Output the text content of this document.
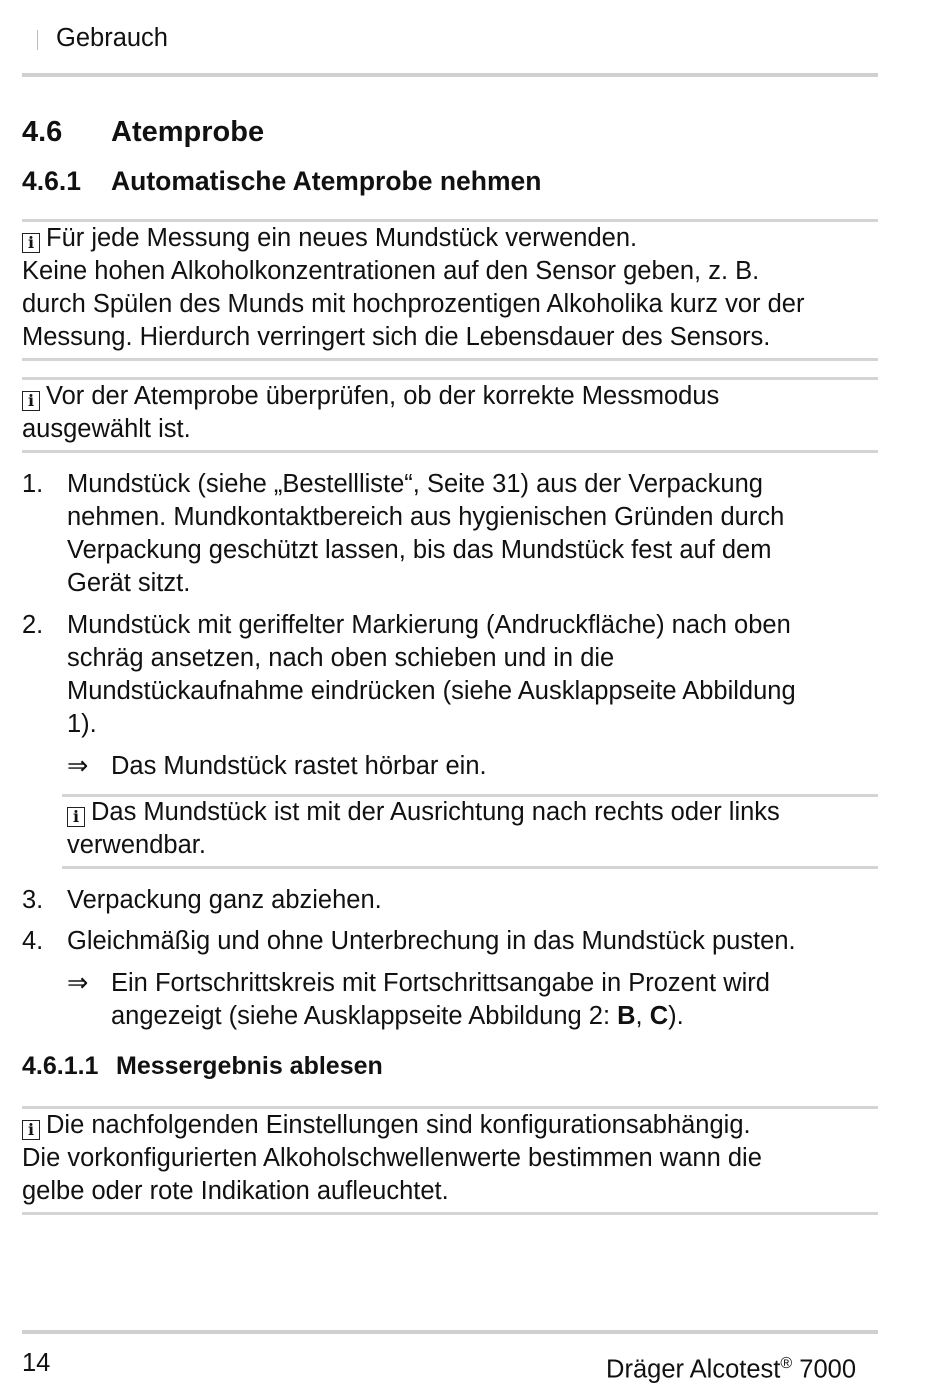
Gebrauch
4.6 Atemprobe
4.6.1 Automatische Atemprobe nehmen
i Für jede Messung ein neues Mundstück verwenden.
Keine hohen Alkoholkonzentrationen auf den Sensor geben, z. B.
durch Spülen des Munds mit hochprozentigen Alkoholika kurz vor der
Messung. Hierdurch verringert sich die Lebensdauer des Sensors.
i Vor der Atemprobe überprüfen, ob der korrekte Messmodus
ausgewählt ist.
1. Mundstück (siehe „Bestellliste“, Seite 31) aus der Verpackung
nehmen. Mundkontaktbereich aus hygienischen Gründen durch
Verpackung geschützt lassen, bis das Mundstück fest auf dem
Gerät sitzt.
2. Mundstück mit geriffelter Markierung (Andruckfläche) nach oben
schräg ansetzen, nach oben schieben und in die
Mundstückaufnahme eindrücken (siehe Ausklappseite Abbildung
1).
⇒ Das Mundstück rastet hörbar ein.
i Das Mundstück ist mit der Ausrichtung nach rechts oder links
verwendbar.
3. Verpackung ganz abziehen.
4. Gleichmäßig und ohne Unterbrechung in das Mundstück pusten.
⇒ Ein Fortschrittskreis mit Fortschrittsangabe in Prozent wird
angezeigt (siehe Ausklappseite Abbildung 2: B, C).
4.6.1.1 Messergebnis ablesen
i Die nachfolgenden Einstellungen sind konfigurationsabhängig.
Die vorkonfigurierten Alkoholschwellenwerte bestimmen wann die
gelbe oder rote Indikation aufleuchtet.
14	Dräger Alcotest® 7000
